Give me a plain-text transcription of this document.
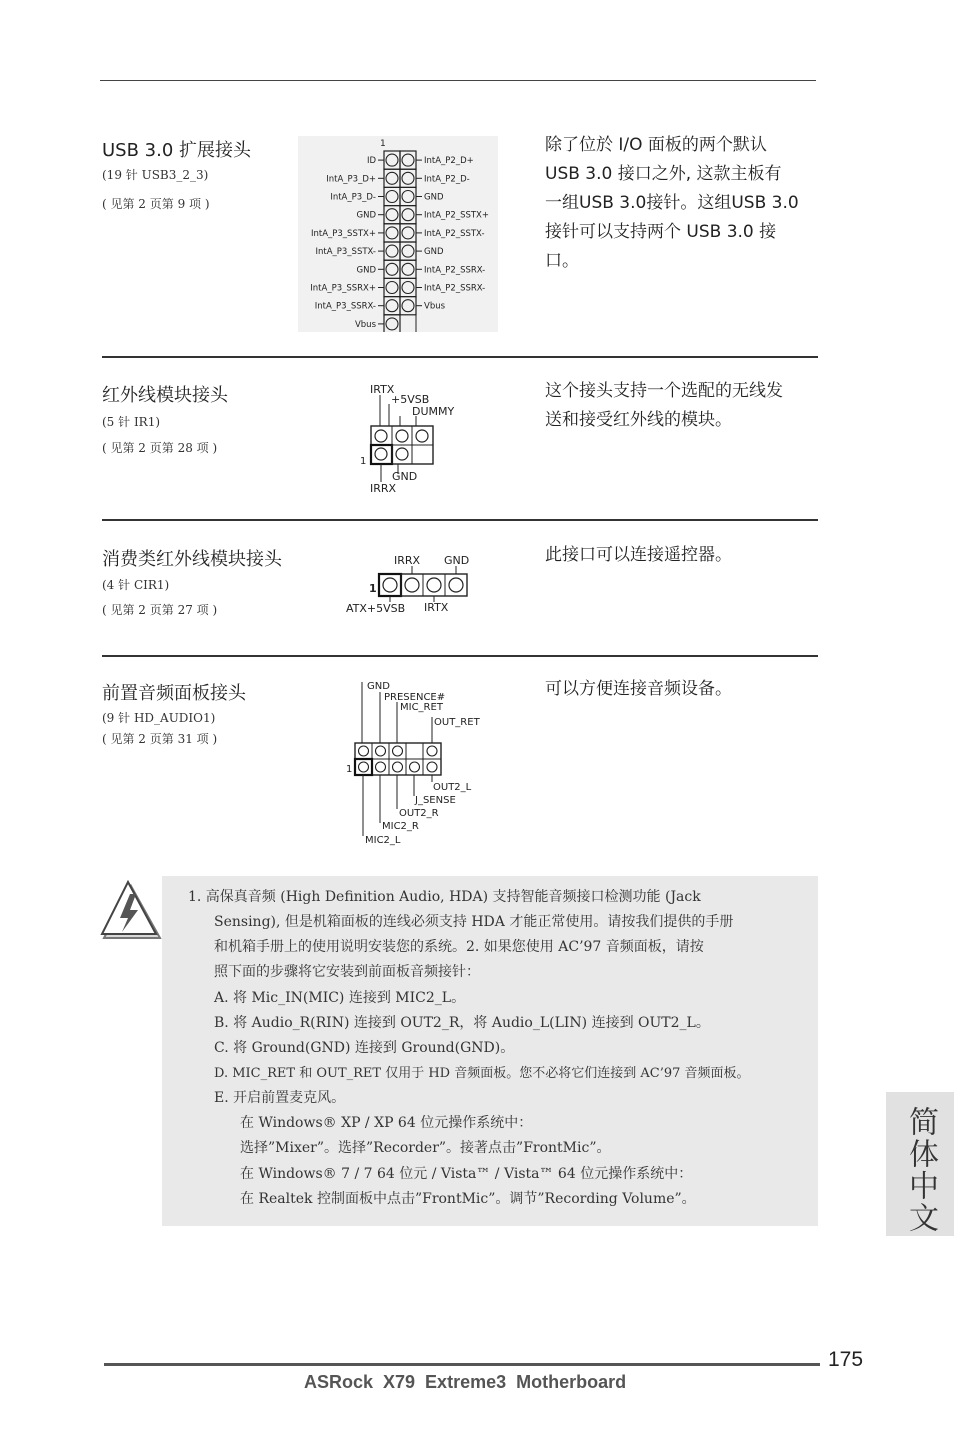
USB 3.0 扩展接头
(19 针 USB3_2_3)
( 见第 2 页第 9 项 )
1
ID	IntA_P2_D+
IntA_P3_D+	IntA_P2_D-
IntA_P3_D-	GND
GND	IntA_P2_SSTX+
IntA_P3_SSTX+	IntA_P2_SSTX-
IntA_P3_SSTX-	GND
GND	IntA_P2_SSRX-
IntA_P3_SSRX+	IntA_P2_SSRX-
IntA_P3_SSRX-	Vbus
Vbus
除了位於 I/O 面板的两个默认
USB 3.0 接口之外, 这款主板有
一组USB 3.0接针。这组USB 3.0
接针可以支持两个 USB 3.0 接
口。
红外线模块接头
(5 针 IR1)
( 见第 2 页第 28 项 )
IRTX
+5VSB
DUMMY
1
GND
IRRX
这个接头支持一个选配的无线发
送和接受红外线的模块。
消费类红外线模块接头
(4 针 CIR1)
( 见第 2 页第 27 项 )
IRRX GND
1
ATX+5VSB IRTX
此接口可以连接遥控器。
前置音频面板接头
(9 针 HD_AUDIO1)
( 见第 2 页第 31 项 )
GND
PRESENCE#
MIC_RET
OUT_RET
1
OUT2_L
J_SENSE
OUT2_R
MIC2_R
MIC2_L
可以方便连接音频设备。
1. 高保真音频 (High Definition Audio, HDA) 支持智能音频接口检测功能 (Jack
Sensing), 但是机箱面板的连线必须支持 HDA 才能正常使用。请按我们提供的手册
和机箱手册上的使用说明安装您的系统。2. 如果您使用 AC’97 音频面板，请按
照下面的步骤将它安装到前面板音频接针：
A. 将 Mic_IN(MIC) 连接到 MIC2_L。
B. 将 Audio_R(RIN) 连接到 OUT2_R，将 Audio_L(LIN) 连接到 OUT2_L。
C. 将 Ground(GND) 连接到 Ground(GND)。
D. MIC_RET 和 OUT_RET 仅用于 HD 音频面板。您不必将它们连接到 AC’97 音频面板。
E. 开启前置麦克风。
在 Windows® XP / XP 64 位元操作系统中：
选择”Mixer”。选择”Recorder”。接著点击”FrontMic”。
在 Windows® 7 / 7 64 位元 / Vista™ / Vista™ 64 位元操作系统中：
在 Realtek 控制面板中点击”FrontMic”。调节”Recording Volume”。	简体中文
175
ASRock  X79  Extreme3  Motherboard
